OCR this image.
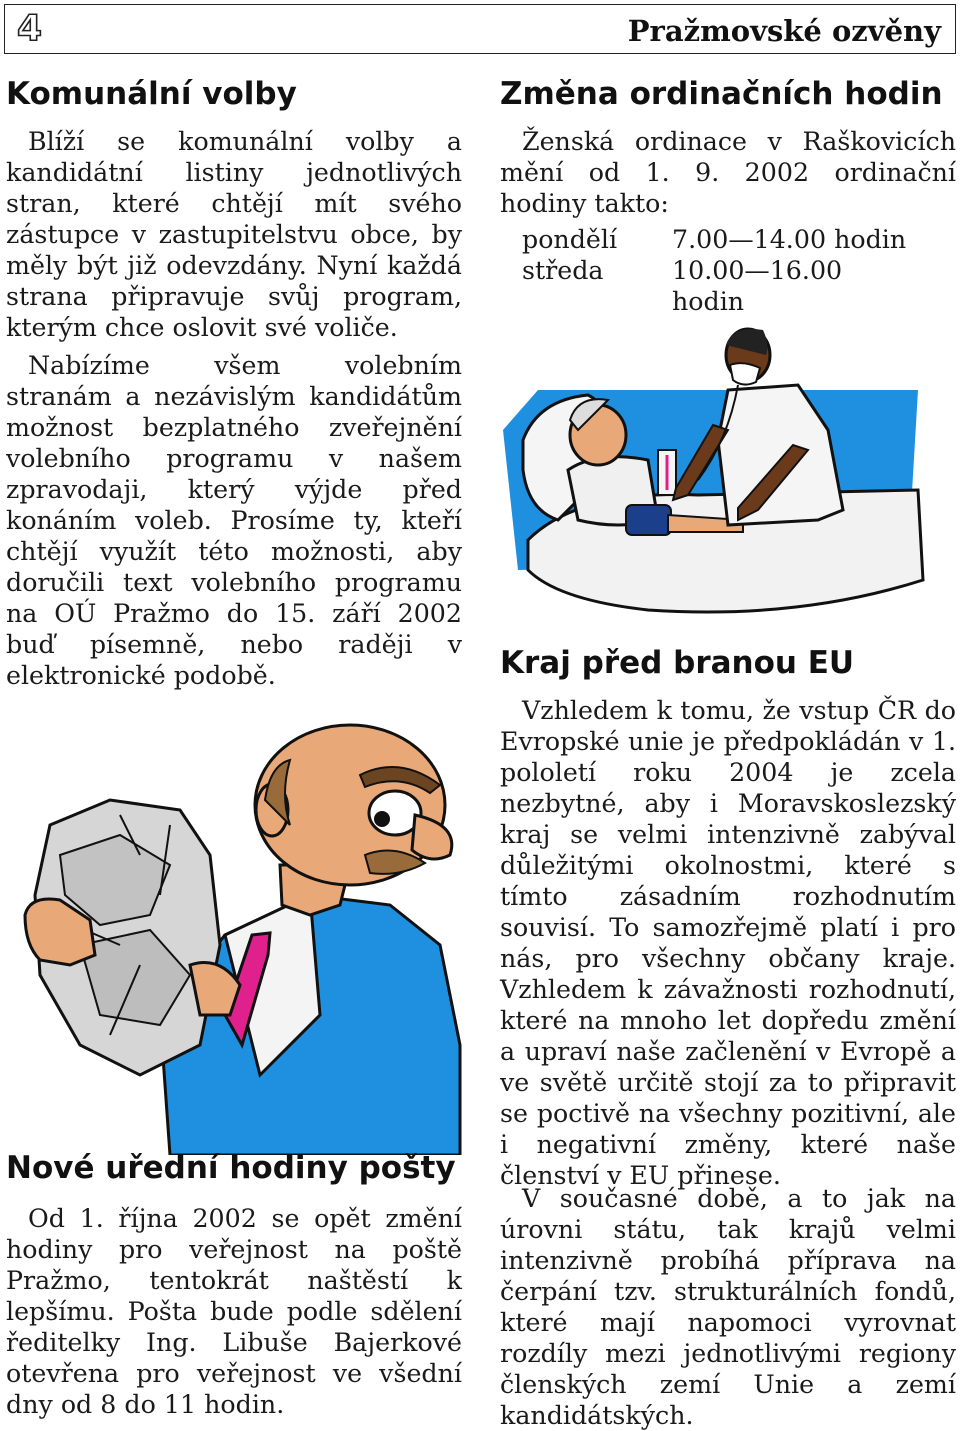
4	Pražmovské ozvěny
Komunální volby

Blíží se komunální volby a kandidátní listiny jednotlivých stran, které chtějí mít svého zástupce v zastupitelstvu obce, by měly být již odevzdány. Nyní každá strana připravuje svůj program, kterým chce oslovit své voliče.

Nabízíme všem volebním stranám a nezávislým kandidátům možnost bezplatného zveřejnění volebního programu v našem zpravodaji, který výjde před konáním voleb. Prosíme ty, kteří chtějí využít této možnosti, aby doručili text volebního programu na OÚ Pražmo do 15. září 2002 buď písemně, nebo raději v elektronické podobě.

Nové uřední hodiny pošty

Od 1. října 2002 se opět změní hodiny pro veřejnost na poště Pražmo, tentokrát naštěstí k lepšímu. Pošta bude podle sdělení ředitelky Ing. Libuše Bajerkové otevřena pro veřejnost ve všední dny od 8 do 11 hodin.

Změna ordinačních hodin

Ženská ordinace v Raškovicích mění od 1. 9. 2002 ordinační hodiny takto:

pondělí	7.00—14.00 hodin
středa	10.00—16.00 hodin
Kraj před branou EU

Vzhledem k tomu, že vstup ČR do Evropské unie je předpokládán v 1. pololetí roku 2004 je zcela nezbytné, aby i Moravskoslezský kraj se velmi intenzivně zabýval důležitými okolnostmi, které s tímto zásadním rozhodnutím souvisí. To samozřejmě platí i pro nás, pro všechny občany kraje. Vzhledem k závažnosti rozhodnutí, které na mnoho let dopředu změní a upraví naše začlenění v Evropě a ve světě určitě stojí za to připravit se poctivě na všechny pozitivní, ale i negativní změny, které naše členství v EU přinese.

V současné době, a to jak na úrovni státu, tak krajů velmi intenzivně probíhá příprava na čerpání tzv. strukturálních fondů, které mají napomoci vyrovnat rozdíly mezi jednotlivými regiony členských zemí Unie a zemí kandidátských.
